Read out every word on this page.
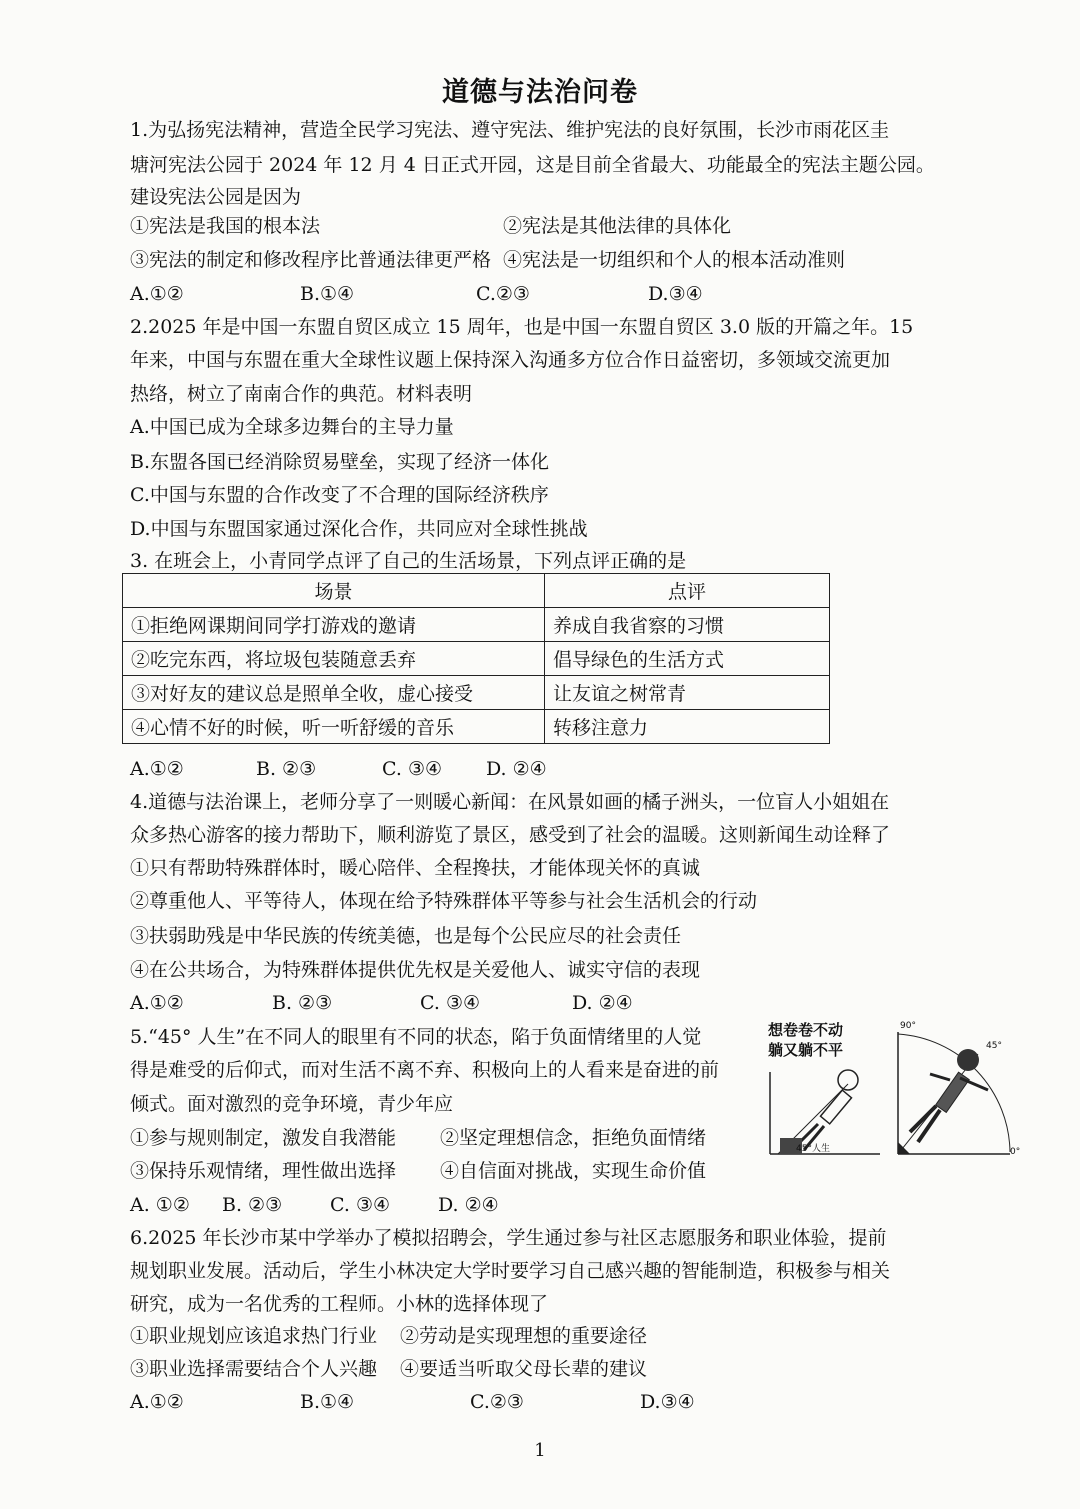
道德与法治问卷
1.为弘扬宪法精神，营造全民学习宪法、遵守宪法、维护宪法的良好氛围，长沙市雨花区圭
塘河宪法公园于 2024 年 12 月 4 日正式开园，这是目前全省最大、功能最全的宪法主题公园。
建设宪法公园是因为
①宪法是我国的根本法	②宪法是其他法律的具体化
③宪法的制定和修改程序比普通法律更严格 ④宪法是一切组织和个人的根本活动准则
A.①②	B.①④	C.②③	D.③④
2.2025 年是中国一东盟自贸区成立 15 周年，也是中国一东盟自贸区 3.0 版的开篇之年。15
年来，中国与东盟在重大全球性议题上保持深入沟通多方位合作日益密切，多领域交流更加
热络，树立了南南合作的典范。材料表明
A.中国已成为全球多边舞台的主导力量
B.东盟各国已经消除贸易壁垒，实现了经济一体化
C.中国与东盟的合作改变了不合理的国际经济秩序
D.中国与东盟国家通过深化合作，共同应对全球性挑战
3. 在班会上，小青同学点评了自己的生活场景，下列点评正确的是
场景	点评
①拒绝网课期间同学打游戏的邀请	养成自我省察的习惯
②吃完东西，将垃圾包装随意丢弃	倡导绿色的生活方式
③对好友的建议总是照单全收，虚心接受	让友谊之树常青
④心情不好的时候，听一听舒缓的音乐	转移注意力
A.①②	B. ②③	C. ③④ D. ②④
4.道德与法治课上，老师分享了一则暖心新闻：在风景如画的橘子洲头，一位盲人小姐姐在
众多热心游客的接力帮助下，顺利游览了景区，感受到了社会的温暖。这则新闻生动诠释了
①只有帮助特殊群体时，暖心陪伴、全程搀扶，才能体现关怀的真诚
②尊重他人、平等待人，体现在给予特殊群体平等参与社会生活机会的行动
③扶弱助残是中华民族的传统美德，也是每个公民应尽的社会责任
④在公共场合，为特殊群体提供优先权是关爱他人、诚实守信的表现
A.①②	B. ②③	C. ③④	D. ②④
5.“45° 人生”在不同人的眼里有不同的状态，陷于负面情绪里的人觉
得是难受的后仰式，而对生活不离不弃、积极向上的人看来是奋进的前
倾式。面对激烈的竞争环境，青少年应
①参与规则制定，激发自我潜能 ②坚定理想信念，拒绝负面情绪
③保持乐观情绪，理性做出选择 ④自信面对挑战，实现生命价值
A. ①② B. ②③	C. ③④	D. ②④
想卷卷不动
躺又躺不平
45°人生
90°
45°
0°
6.2025 年长沙市某中学举办了模拟招聘会，学生通过参与社区志愿服务和职业体验，提前
规划职业发展。活动后，学生小林决定大学时要学习自己感兴趣的智能制造，积极参与相关
研究，成为一名优秀的工程师。小林的选择体现了
①职业规划应该追求热门行业 ②劳动是实现理想的重要途径
③职业选择需要结合个人兴趣 ④要适当听取父母长辈的建议
A.①②	B.①④	C.②③	D.③④
1
